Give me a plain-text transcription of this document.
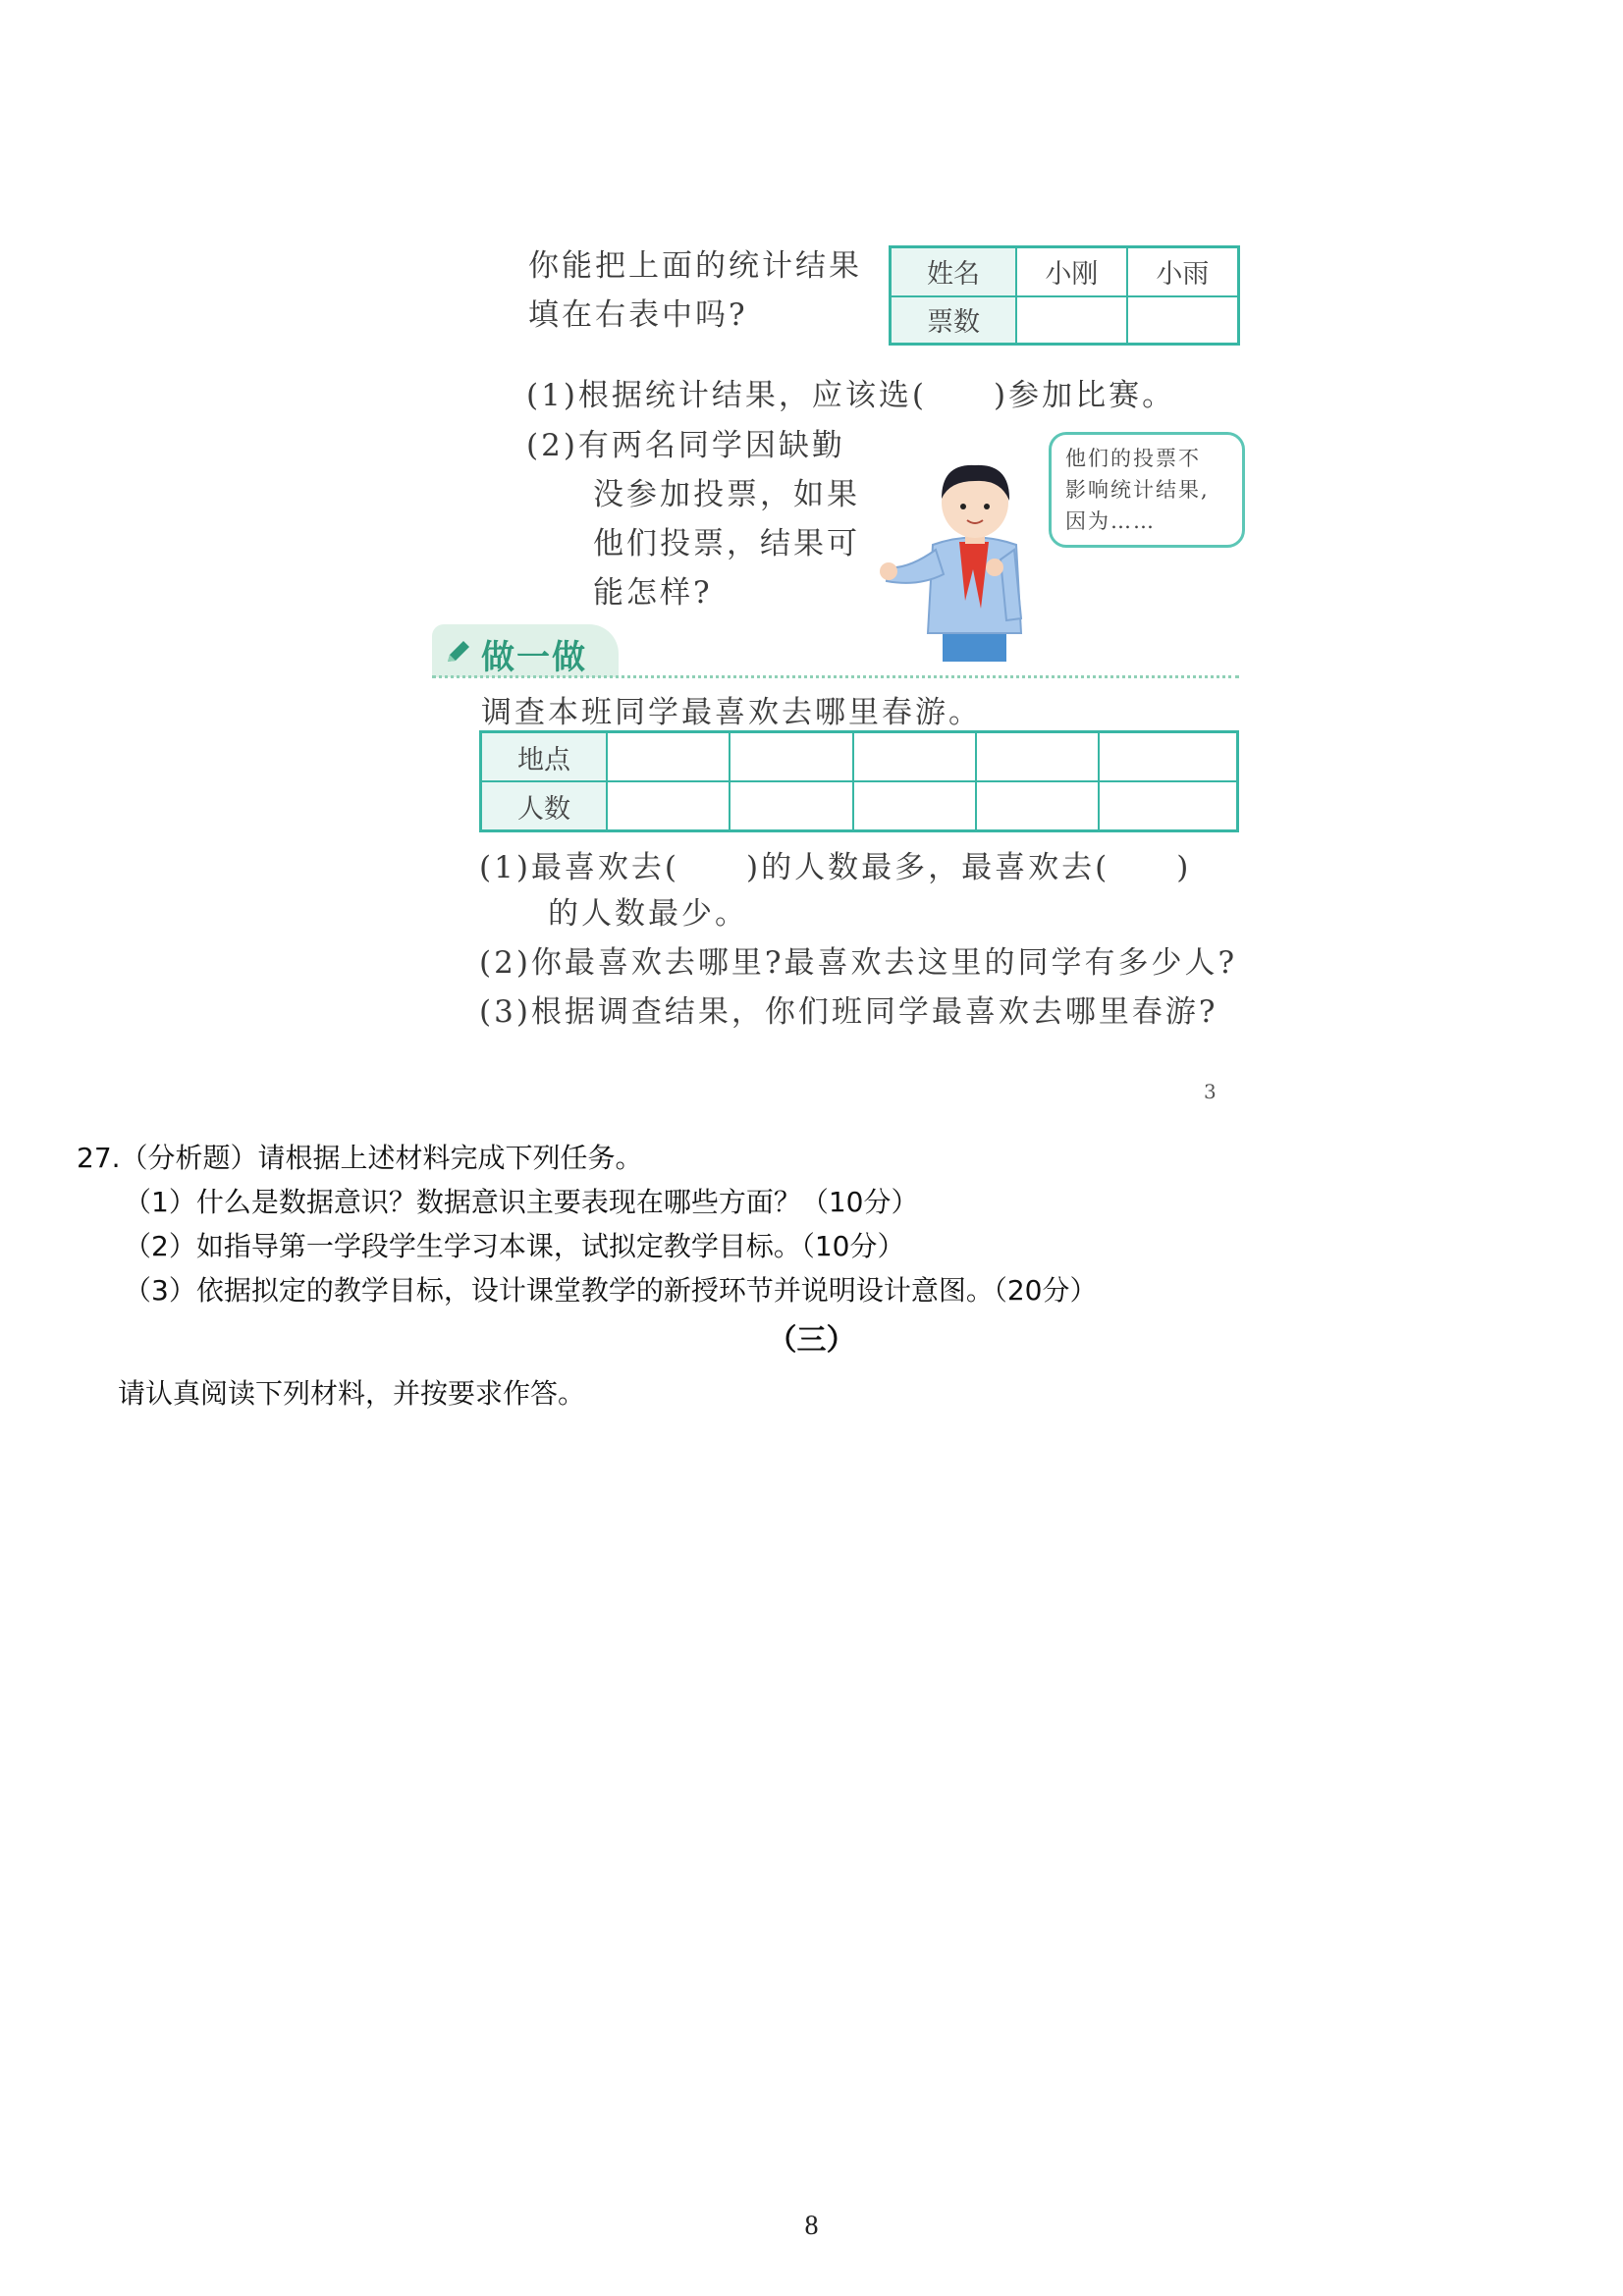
你能把上面的统计结果
填在右表中吗?
姓名	小刚	小雨
票数		
(1)根据统计结果，应该选(　　)参加比赛。
(2)有两名同学因缺勤
没参加投票，如果
他们投票，结果可
能怎样?
他们的投票不
影响统计结果,
因为……
做一做
调查本班同学最喜欢去哪里春游。
地点					
人数					
(1)最喜欢去(　　)的人数最多，最喜欢去(　　)
的人数最少。
(2)你最喜欢去哪里?最喜欢去这里的同学有多少人?
(3)根据调查结果，你们班同学最喜欢去哪里春游?
3
27.（分析题）请根据上述材料完成下列任务。
（1）什么是数据意识？数据意识主要表现在哪些方面？（10分）
（2）如指导第一学段学生学习本课，试拟定教学目标。（10分）
（3）依据拟定的教学目标，设计课堂教学的新授环节并说明设计意图。（20分）
（三）
请认真阅读下列材料，并按要求作答。
8
